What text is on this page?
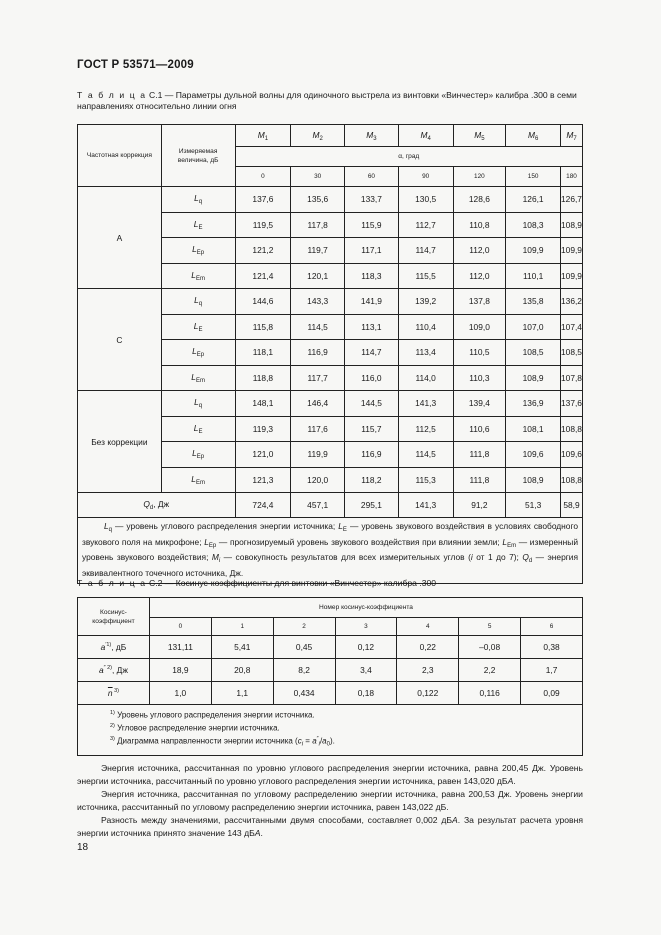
ГОСТ Р 53571—2009
Т а б л и ц а С.1 — Параметры дульной волны для одиночного выстрела из винтовки «Винчестер» калибра .300 в семи направлениях относительно линии огня
Частотная коррекция	Измеряемая величина, дБ	$M_1$	$M_2$	$M_3$	$M_4$	$M_5$	$M_6$	$M_7$
		α, град						
		0	30	60	90	120	150	180
A	$L_q$	137,6	135,6	133,7	130,5	128,6	126,1	126,7
	$L_E$	119,5	117,8	115,9	112,7	110,8	108,3	108,9
	$L_{Ep}$	121,2	119,7	117,1	114,7	112,0	109,9	109,9
	$L_{Em}$	121,4	120,1	118,3	115,5	112,0	110,1	109,9
C	$L_q$	144,6	143,3	141,9	139,2	137,8	135,8	136,2
	$L_E$	115,8	114,5	113,1	110,4	109,0	107,0	107,4
	$L_{Ep}$	118,1	116,9	114,7	113,4	110,5	108,5	108,5
	$L_{Em}$	118,8	117,7	116,0	114,0	110,3	108,9	107,8
Без коррекции	$L_q$	148,1	146,4	144,5	141,3	139,4	136,9	137,6
	$L_E$	119,3	117,6	115,7	112,5	110,6	108,1	108,8
	$L_{Ep}$	121,0	119,9	116,9	114,5	111,8	109,6	109,6
	$L_{Em}$	121,3	120,0	118,2	115,3	111,8	108,9	108,8
$Q_d$, Дж		724,4	457,1	295,1	141,3	91,2	51,3	58,9
$L_q$ — уровень углового распределения энергии источника; $L_E$ — уровень звукового воздействия в условиях свободного звукового поля на микрофоне; $L_{Ep}$ — прогнозируемый уровень звукового воздействия при влиянии земли; $L_{Em}$ — измеренный уровень звукового воздействия; $M_i$ — совокупность результатов для всех измерительных углов (i от 1 до 7); $Q_d$ — энергия эквивалентного точечного источника, Дж.								
Т а б л и ц а С.2 — Косинус-коэффициенты для винтовки «Винчестер» калибра .300
Косинус-коэффициент	Номер косинус-коэффициента						
	0	1	2	3	4	5	6
$a^{'1)}$, дБ	131,11	5,41	0,45	0,12	0,22	–0,08	0,38
$a^{'' 2)}$, Дж	18,9	20,8	8,2	3,4	2,3	2,2	1,7
$\overline{n}$ $^{3)}$	1,0	1,1	0,434	0,18	0,122	0,116	0,09

$^{1)}$ Уровень углового распределения энергии источника.
$^{2)}$ Угловое распределение энергии источника.
$^{3)}$ Диаграмма направленности энергии источника $(c_i = a''_i/a_0)$.							

Энергия источника, рассчитанная по уровню углового распределения энергии источника, равна 200,45 Дж. Уровень энергии источника, рассчитанный по уровню углового распределения энергии источника, равен 143,020 дБА.

Энергия источника, рассчитанная по угловому распределению энергии источника, равна 200,53 Дж. Уровень энергии источника, рассчитанный по угловому распределению энергии источника, равен 143,022 дБ.

Разность между значениями, рассчитанными двумя способами, составляет 0,002 дБА. За результат расчета уровня энергии источника принято значение 143 дБА.

18
